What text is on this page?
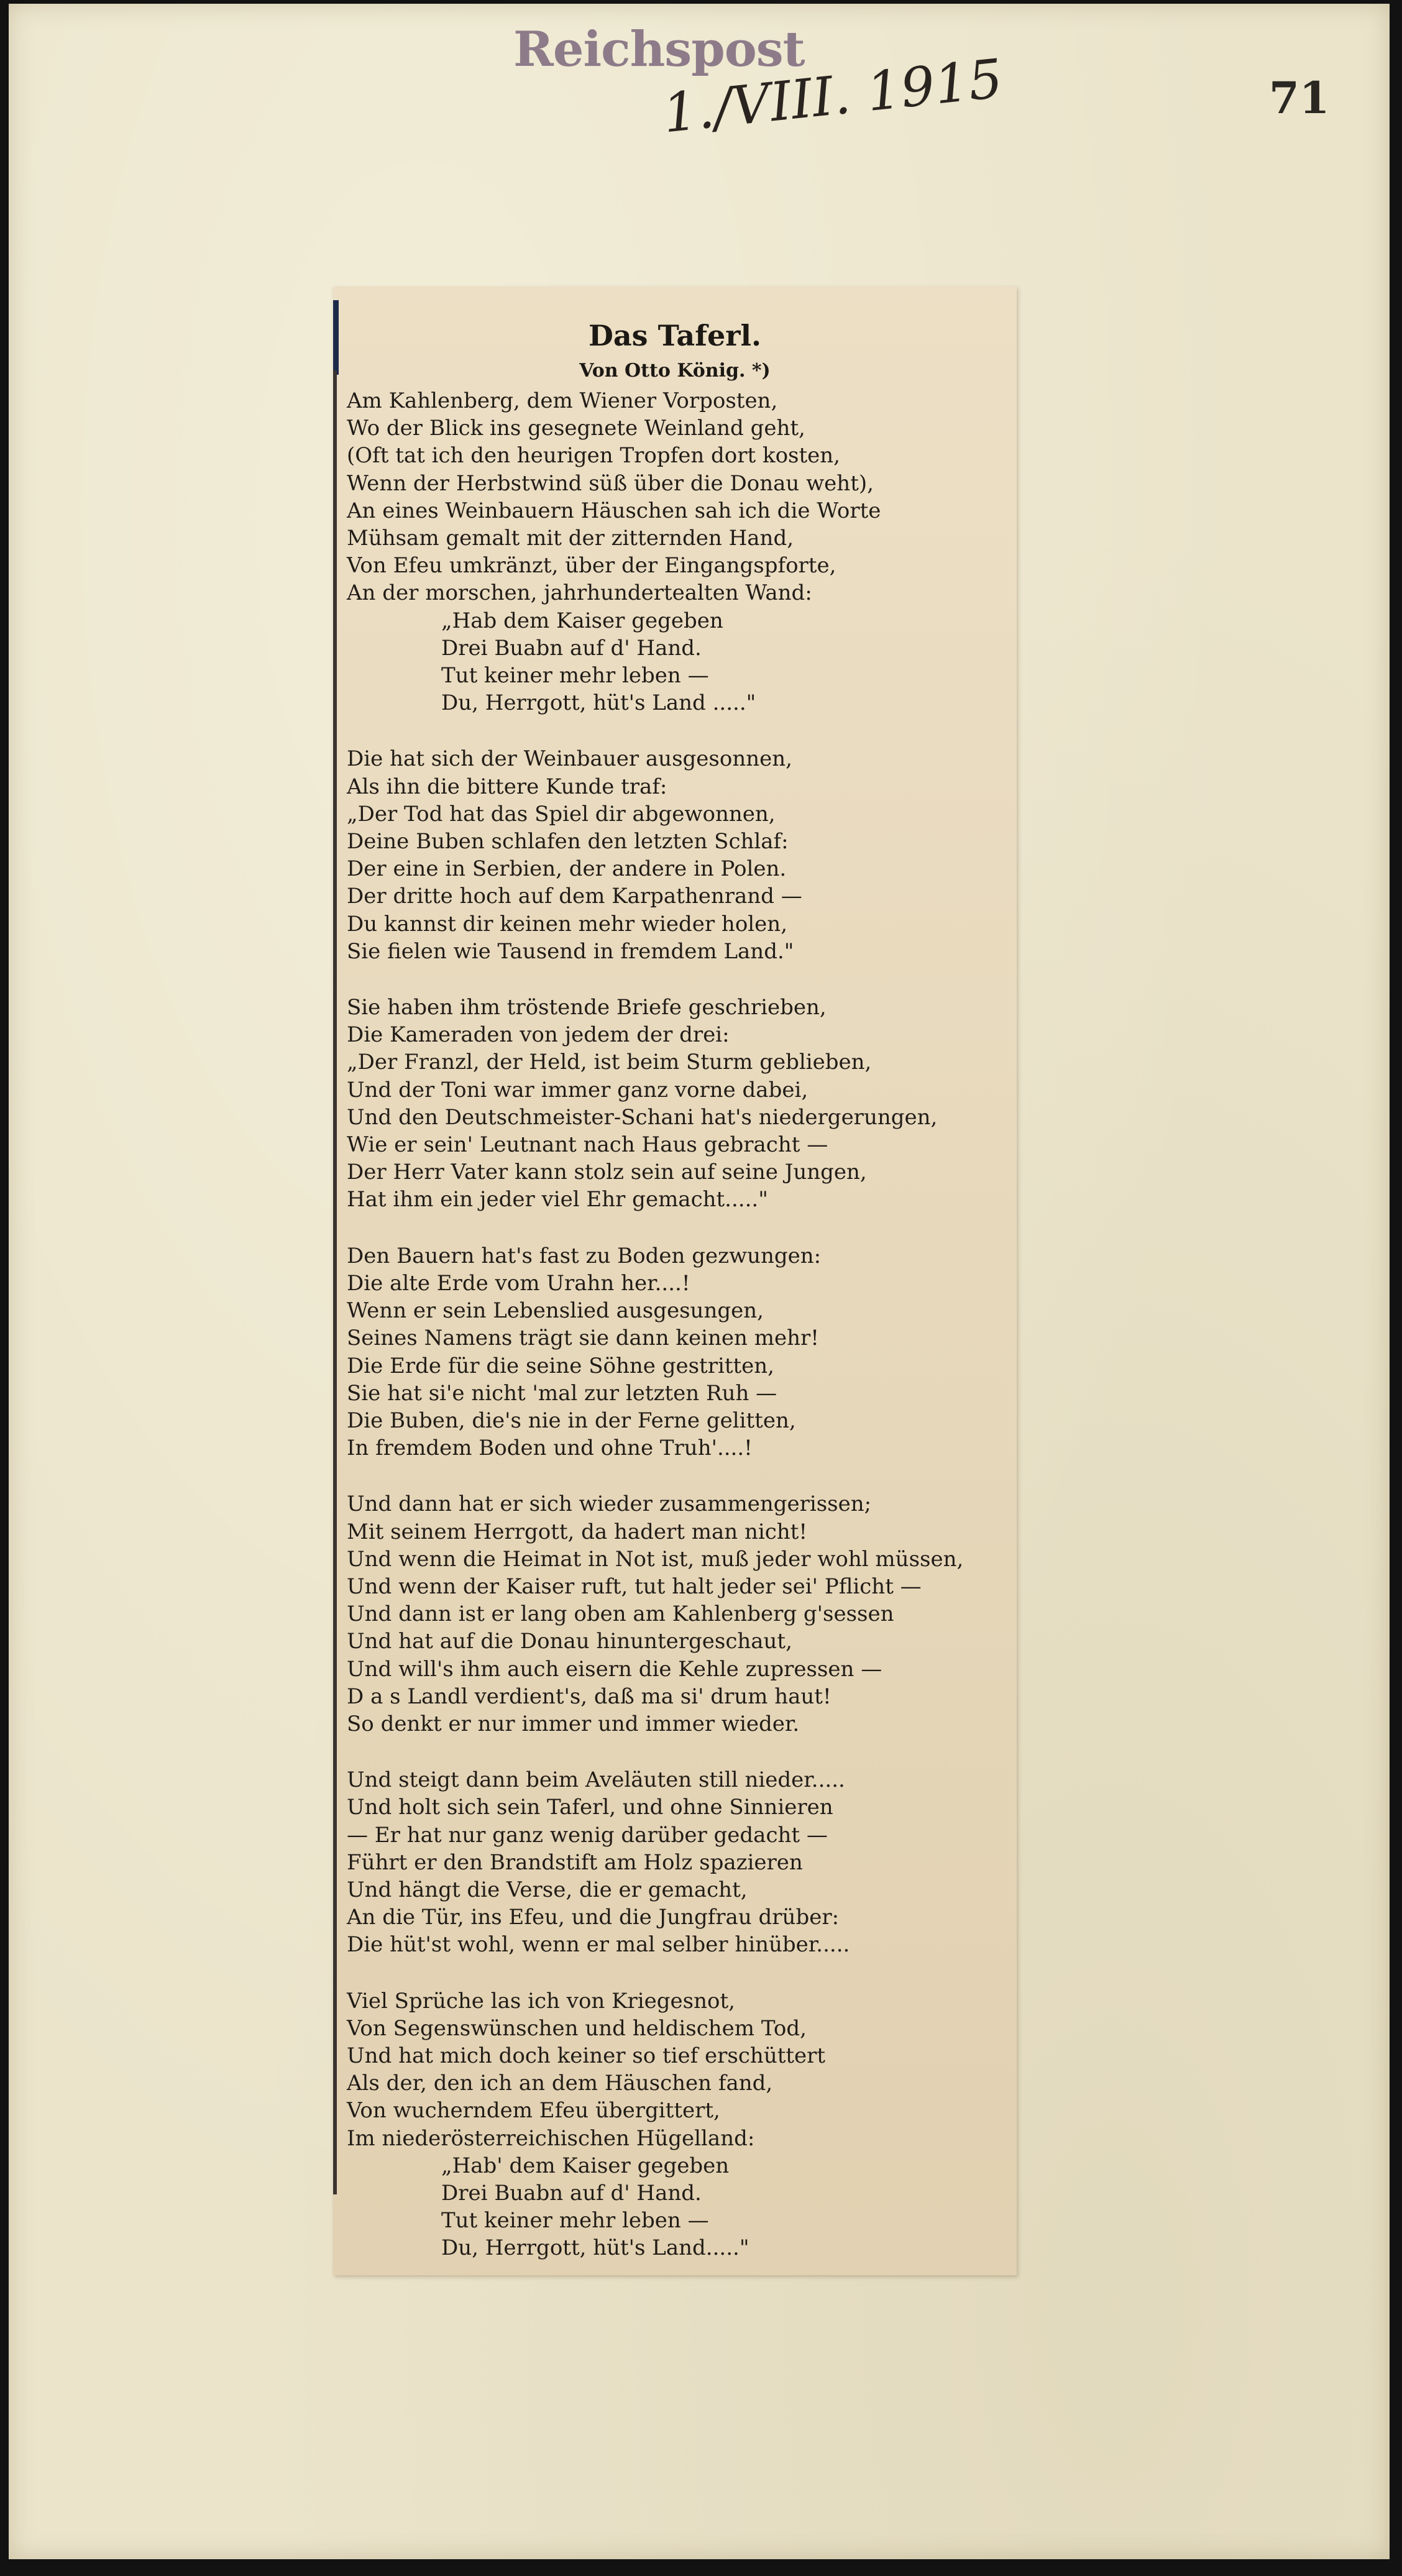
Reichspost
1./VIII. 1915	71
Das Taferl.
Von Otto König. *)
Am Kahlenberg, dem Wiener Vorposten,
Wo der Blick ins gesegnete Weinland geht,
(Oft tat ich den heurigen Tropfen dort kosten,
Wenn der Herbstwind süß über die Donau weht),
An eines Weinbauern Häuschen sah ich die Worte
Mühsam gemalt mit der zitternden Hand,
Von Efeu umkränzt, über der Eingangspforte,
An der morschen, jahrhundertealten Wand:
„Hab dem Kaiser gegeben
Drei Buabn auf d' Hand.
Tut keiner mehr leben —
Du, Herrgott, hüt's Land ....."
Die hat sich der Weinbauer ausgesonnen,
Als ihn die bittere Kunde traf:
„Der Tod hat das Spiel dir abgewonnen,
Deine Buben schlafen den letzten Schlaf:
Der eine in Serbien, der andere in Polen.
Der dritte hoch auf dem Karpathenrand —
Du kannst dir keinen mehr wieder holen,
Sie fielen wie Tausend in fremdem Land."
Sie haben ihm tröstende Briefe geschrieben,
Die Kameraden von jedem der drei:
„Der Franzl, der Held, ist beim Sturm geblieben,
Und der Toni war immer ganz vorne dabei,
Und den Deutschmeister-Schani hat's niedergerungen,
Wie er sein' Leutnant nach Haus gebracht —
Der Herr Vater kann stolz sein auf seine Jungen,
Hat ihm ein jeder viel Ehr gemacht....."
Den Bauern hat's fast zu Boden gezwungen:
Die alte Erde vom Urahn her....!
Wenn er sein Lebenslied ausgesungen,
Seines Namens trägt sie dann keinen mehr!
Die Erde für die seine Söhne gestritten,
Sie hat si'e nicht 'mal zur letzten Ruh —
Die Buben, die's nie in der Ferne gelitten,
In fremdem Boden und ohne Truh'....!
Und dann hat er sich wieder zusammengerissen;
Mit seinem Herrgott, da hadert man nicht!
Und wenn die Heimat in Not ist, muß jeder wohl müssen,
Und wenn der Kaiser ruft, tut halt jeder sei' Pflicht —
Und dann ist er lang oben am Kahlenberg g'sessen
Und hat auf die Donau hinuntergeschaut,
Und will's ihm auch eisern die Kehle zupressen —
D a s Landl verdient's, daß ma si' drum haut!
So denkt er nur immer und immer wieder.
Und steigt dann beim Aveläuten still nieder.....
Und holt sich sein Taferl, und ohne Sinnieren
— Er hat nur ganz wenig darüber gedacht —
Führt er den Brandstift am Holz spazieren
Und hängt die Verse, die er gemacht,
An die Tür, ins Efeu, und die Jungfrau drüber:
Die hüt'st wohl, wenn er mal selber hinüber.....
Viel Sprüche las ich von Kriegesnot,
Von Segenswünschen und heldischem Tod,
Und hat mich doch keiner so tief erschüttert
Als der, den ich an dem Häuschen fand,
Von wucherndem Efeu übergittert,
Im niederösterreichischen Hügelland:
„Hab' dem Kaiser gegeben
Drei Buabn auf d' Hand.
Tut keiner mehr leben —
Du, Herrgott, hüt's Land....."
